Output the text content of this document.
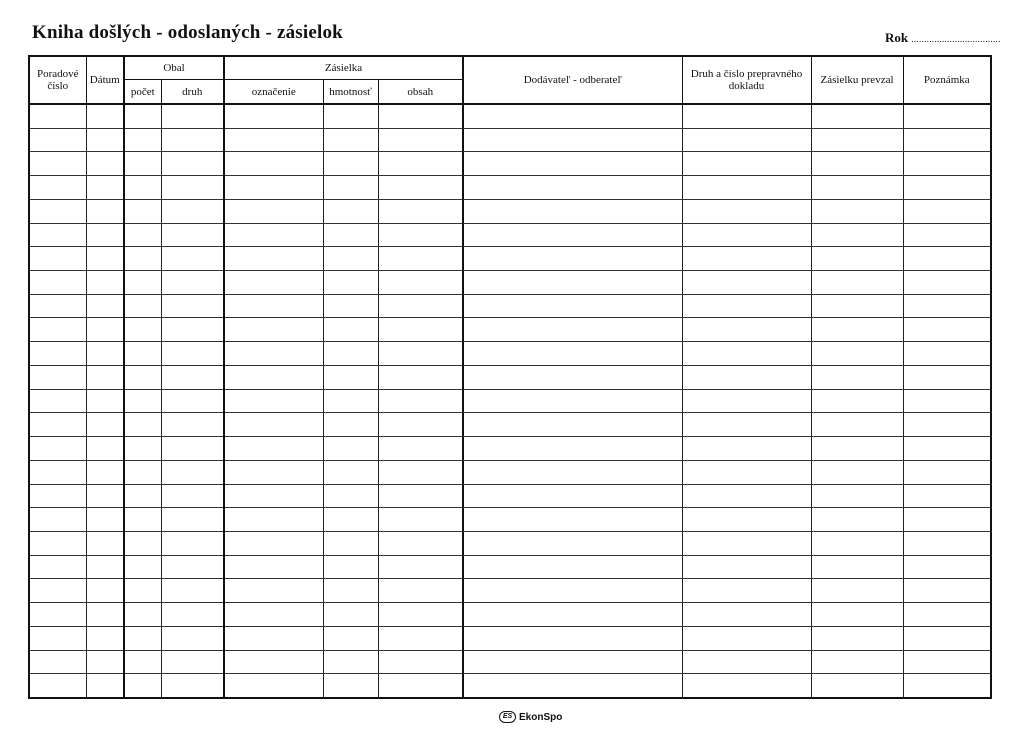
Kniha došlých - odoslaných - zásielok	Rok ...................................
Poradové číslo	Dátum	Obal		Zásielka			Dodávateľ - odberateľ	Druh a číslo prepravného dokladu	Zásielku prevzal	Poznámka
		počet	druh	označenie	hmotnosť	obsah				

ES EkonSpo
